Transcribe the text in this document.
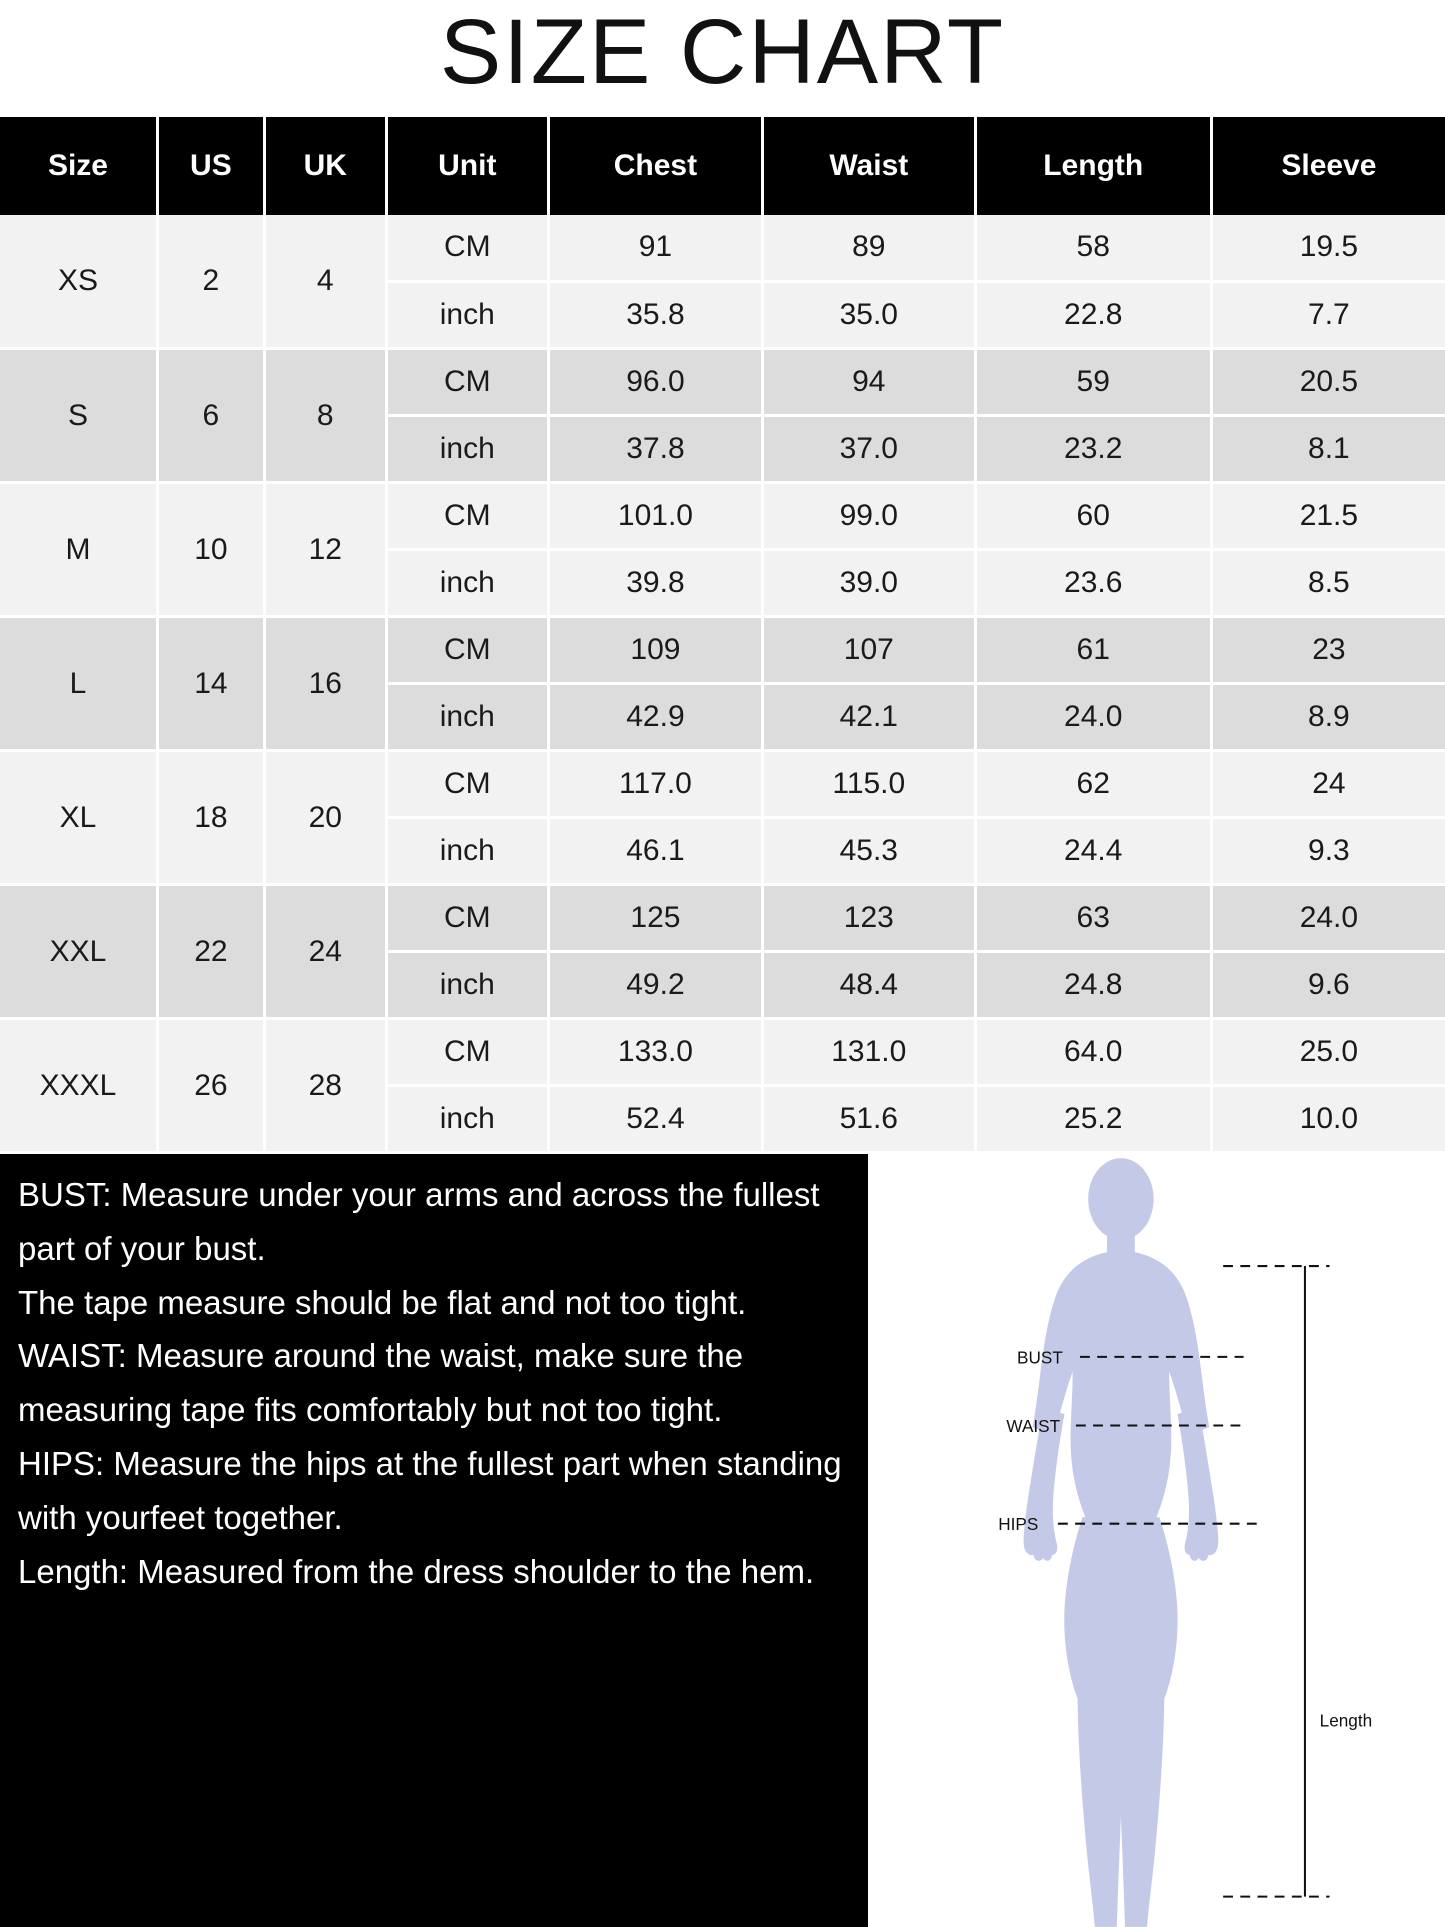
SIZE CHART
Size	US	UK	Unit	Chest	Waist	Length	Sleeve
XS	2	4	CM	91	89	58	19.5
			inch	35.8	35.0	22.8	7.7
S	6	8	CM	96.0	94	59	20.5
			inch	37.8	37.0	23.2	8.1
M	10	12	CM	101.0	99.0	60	21.5
			inch	39.8	39.0	23.6	8.5
L	14	16	CM	109	107	61	23
			inch	42.9	42.1	24.0	8.9
XL	18	20	CM	117.0	115.0	62	24
			inch	46.1	45.3	24.4	9.3
XXL	22	24	CM	125	123	63	24.0
			inch	49.2	48.4	24.8	9.6
XXXL	26	28	CM	133.0	131.0	64.0	25.0
			inch	52.4	51.6	25.2	10.0

BUST: Measure under your arms and across the fullest part of your bust.

The tape measure should be flat and not too tight.

WAIST: Measure around the waist, make sure the measuring tape fits comfortably but not too tight.

HIPS: Measure the hips at the fullest part when standing with yourfeet together.

Length: Measured from the dress shoulder to the hem.

Length
BUST
WAIST
HIPS
